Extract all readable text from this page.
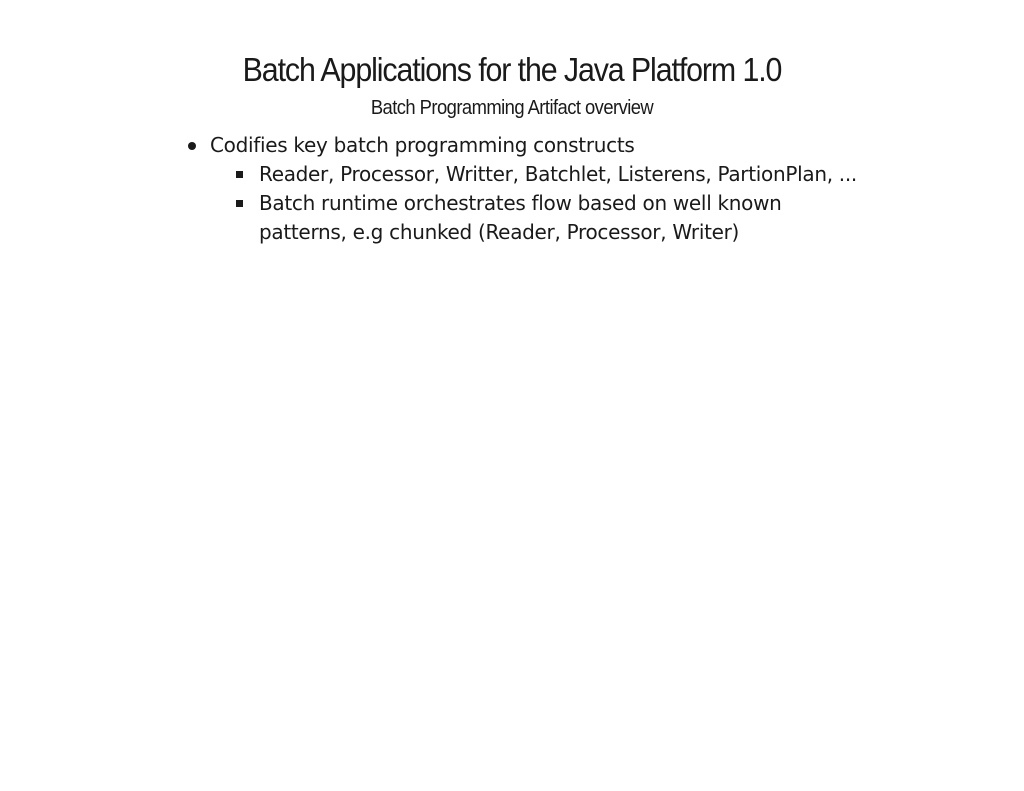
Batch Applications for the Java Platform 1.0
Batch Programming Artifact overview
Codifies key batch programming constructs
Reader, Processor, Writter, Batchlet, Listerens, PartionPlan, ...
Batch runtime orchestrates flow based on well known patterns, e.g chunked (Reader, Processor, Writer)
